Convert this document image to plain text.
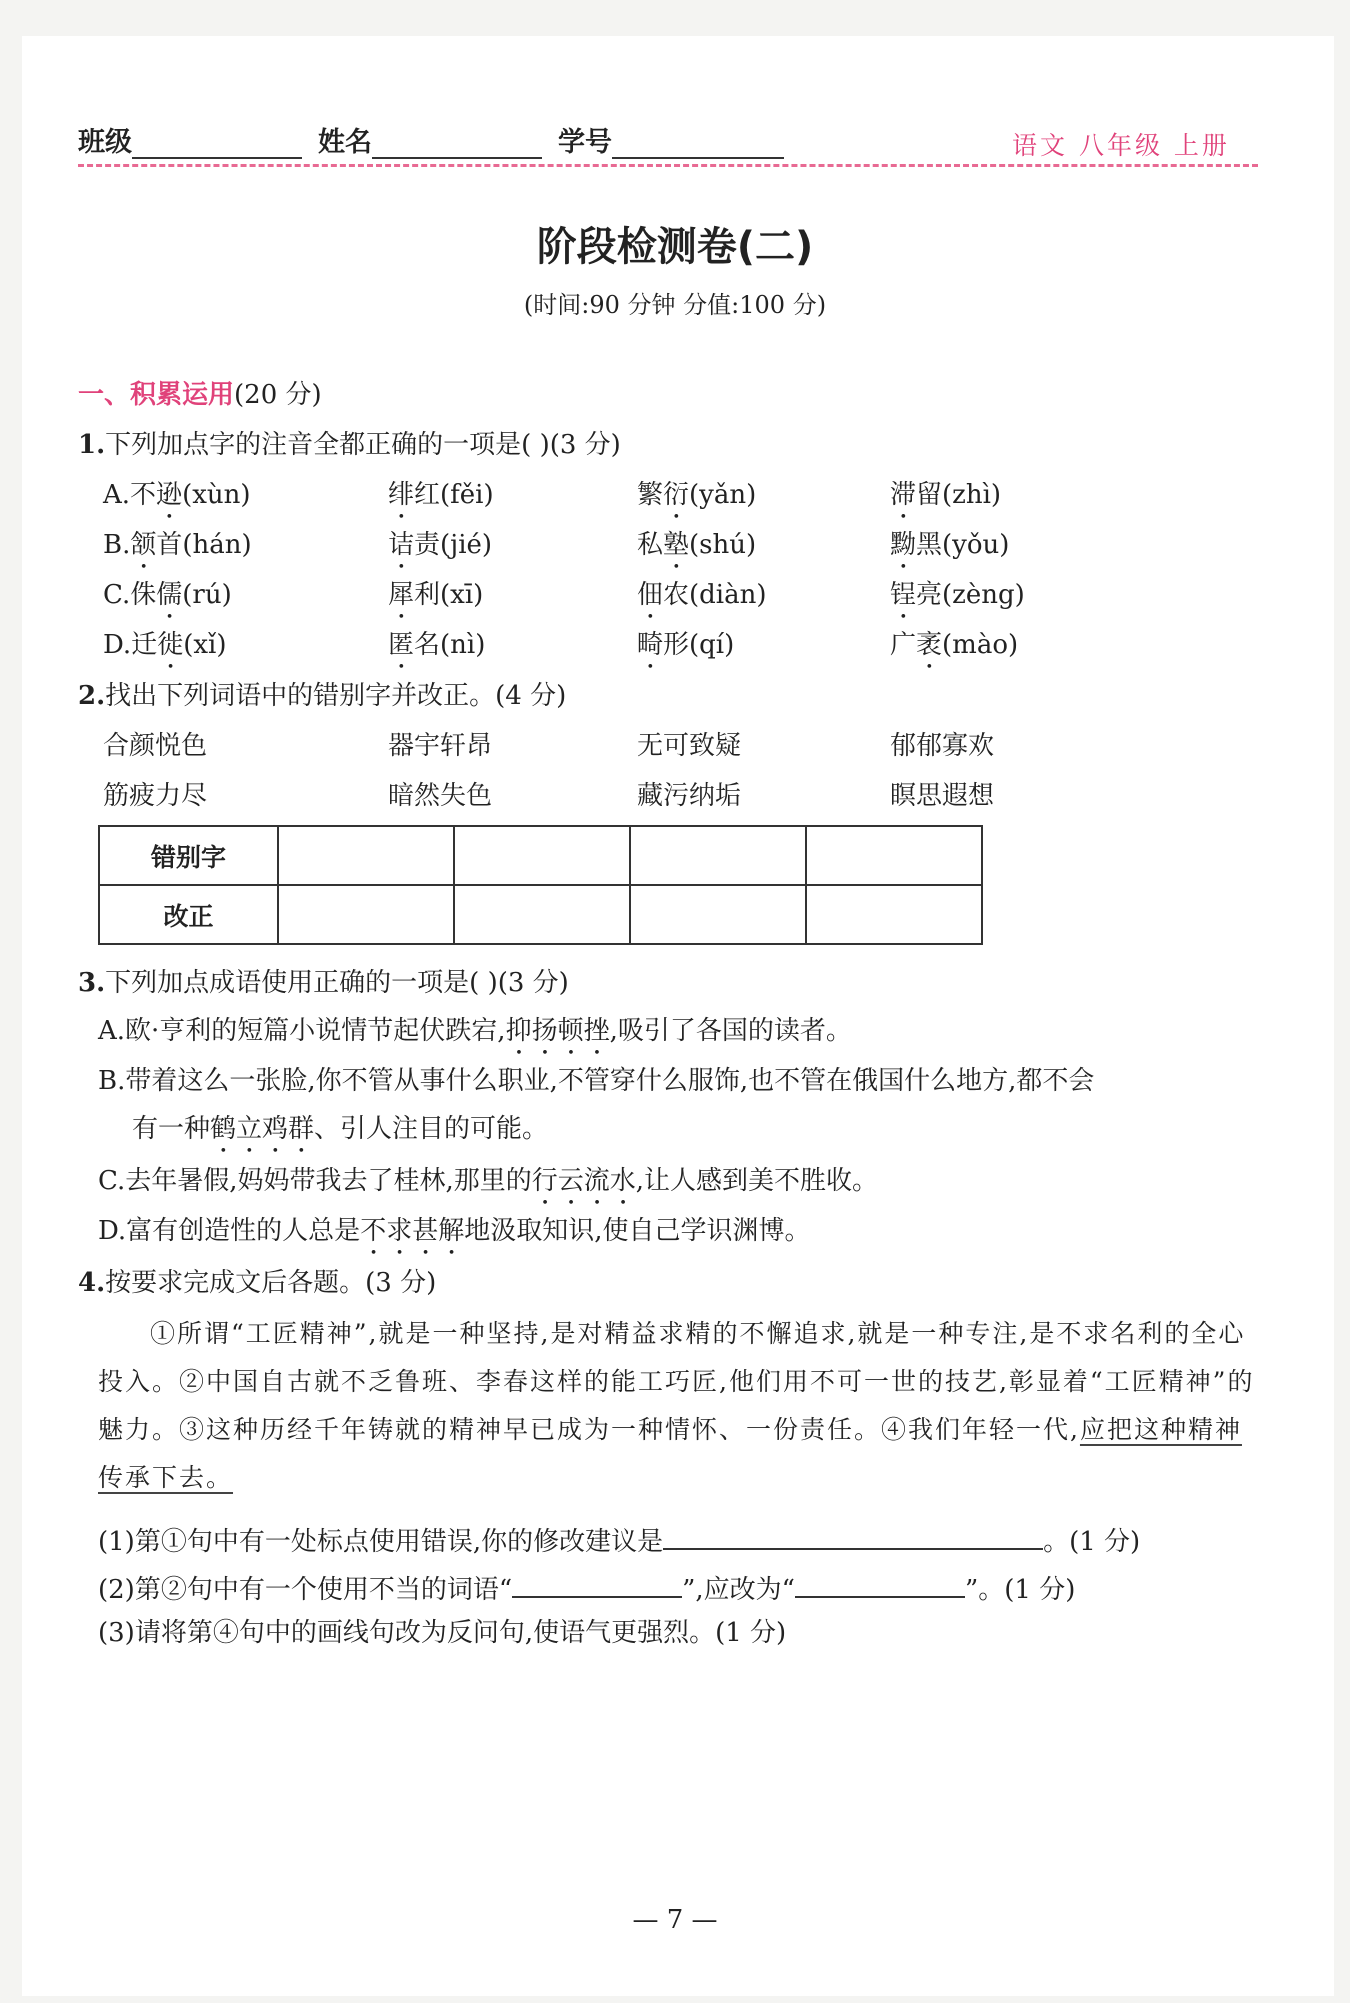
班级	姓名	学号	语文 八年级 上册
阶段检测卷(二)
(时间:90 分钟 分值:100 分)
一、积累运用(20 分)
1.下列加点字的注音全都正确的一项是( )(3 分)
A.不逊(xùn)	绯红(fěi)	繁衍(yǎn)	滞留(zhì)
B.颔首(hán)	诘责(jié)	私塾(shú)	黝黑(yǒu)
C.侏儒(rú)	犀利(xī)	佃农(diàn)	锃亮(zèng)
D.迁徙(xǐ)	匿名(nì)	畸形(qí)	广袤(mào)
2.找出下列词语中的错别字并改正。(4 分)
合颜悦色	器宇轩昂	无可致疑	郁郁寡欢
筋疲力尽	暗然失色	藏污纳垢	瞑思遐想
错别字				
改正				
3.下列加点成语使用正确的一项是( )(3 分)
A.欧·亨利的短篇小说情节起伏跌宕,抑扬顿挫,吸引了各国的读者。
B.带着这么一张脸,你不管从事什么职业,不管穿什么服饰,也不管在俄国什么地方,都不会
有一种鹤立鸡群、引人注目的可能。
C.去年暑假,妈妈带我去了桂林,那里的行云流水,让人感到美不胜收。
D.富有创造性的人总是不求甚解地汲取知识,使自己学识渊博。
4.按要求完成文后各题。(3 分)
①所谓“工匠精神”,就是一种坚持,是对精益求精的不懈追求,就是一种专注,是不求名利的全心投入。②中国自古就不乏鲁班、李春这样的能工巧匠,他们用不可一世的技艺,彰显着“工匠精神”的魅力。③这种历经千年铸就的精神早已成为一种情怀、一份责任。④我们年轻一代,应把这种精神传承下去。
(1)第①句中有一处标点使用错误,你的修改建议是	。(1 分)
(2)第②句中有一个使用不当的词语“	”,应改为“	”。(1 分)
(3)请将第④句中的画线句改为反问句,使语气更强烈。(1 分)
— 7 —
